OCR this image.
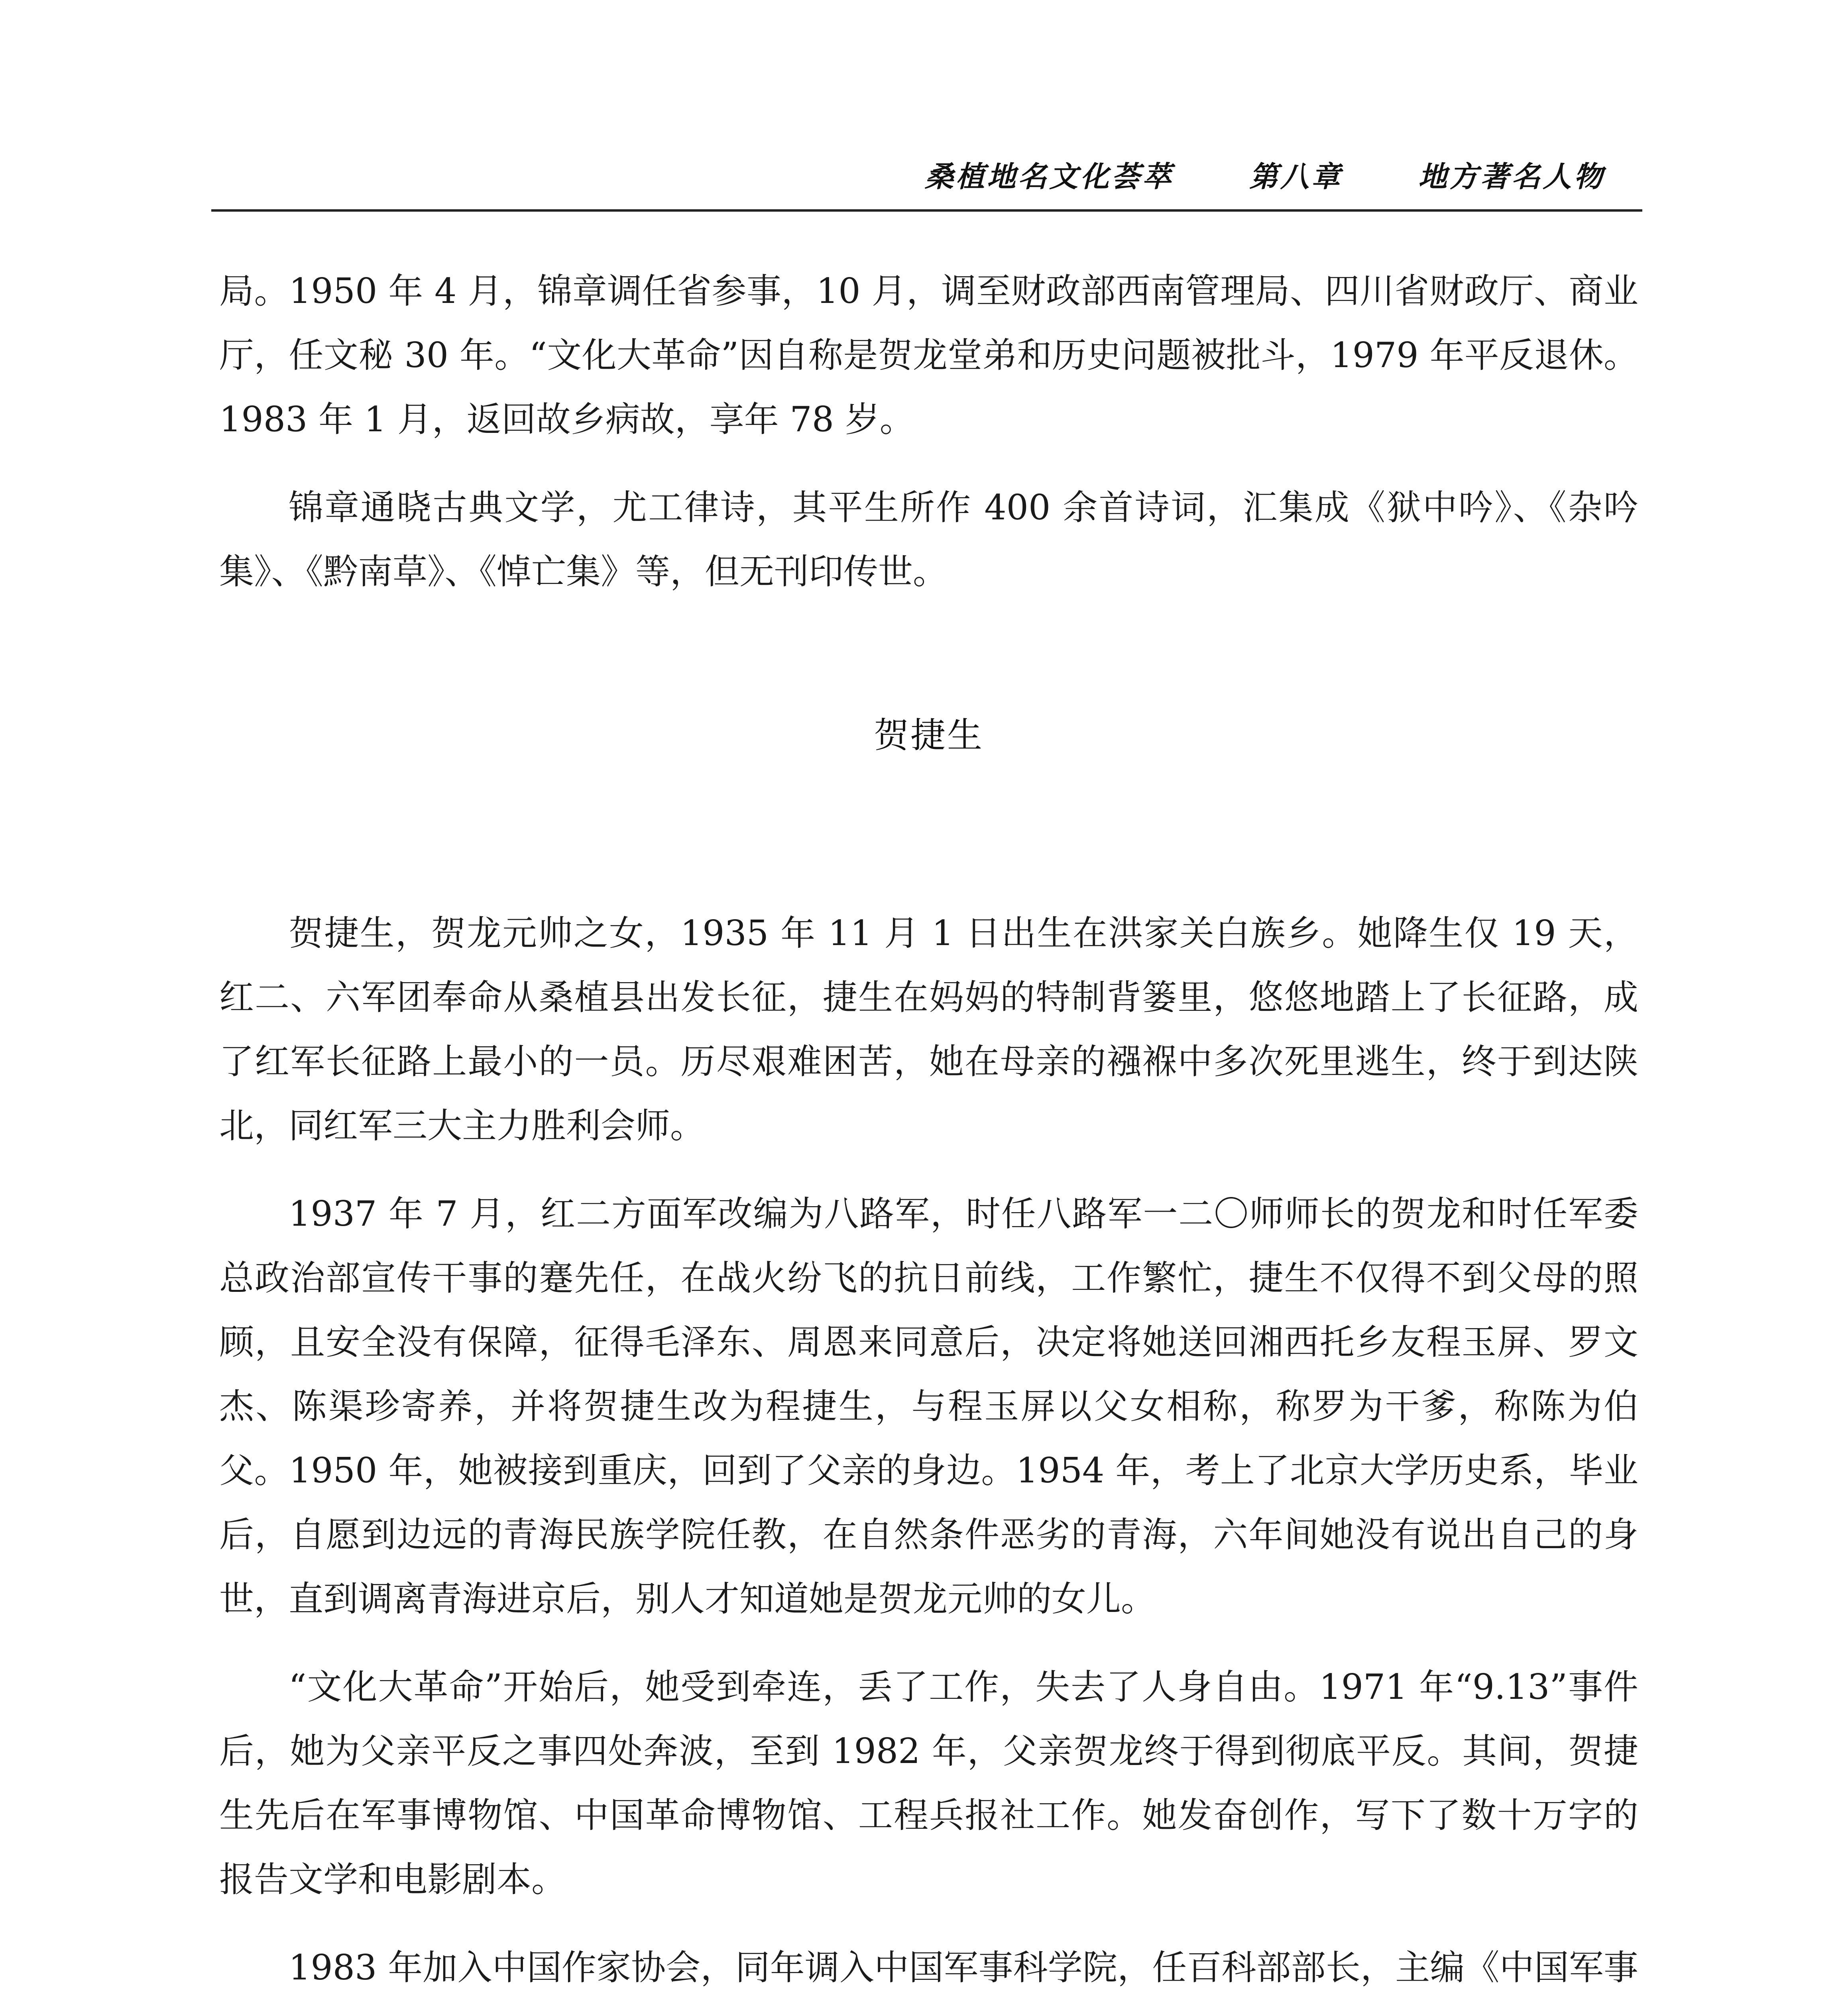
桑植地名文化荟萃	第八章	地方著名人物

局。1950 年 4 月，锦章调任省参事，10 月，调至财政部西南管理局、四川省财政厅、商业厅，任文秘 30 年。“文化大革命”因自称是贺龙堂弟和历史问题被批斗，1979 年平反退休。1983 年 1 月，返回故乡病故，享年 78 岁。

锦章通晓古典文学，尤工律诗，其平生所作 400 余首诗词，汇集成《狱中吟》、《杂吟集》、《黔南草》、《悼亡集》等，但无刊印传世。

贺捷生

贺捷生，贺龙元帅之女，1935 年 11 月 1 日出生在洪家关白族乡。她降生仅 19 天，红二、六军团奉命从桑植县出发长征，捷生在妈妈的特制背篓里，悠悠地踏上了长征路，成了红军长征路上最小的一员。历尽艰难困苦，她在母亲的襁褓中多次死里逃生，终于到达陕北，同红军三大主力胜利会师。

1937 年 7 月，红二方面军改编为八路军，时任八路军一二〇师师长的贺龙和时任军委总政治部宣传干事的蹇先任，在战火纷飞的抗日前线，工作繁忙，捷生不仅得不到父母的照顾，且安全没有保障，征得毛泽东、周恩来同意后，决定将她送回湘西托乡友程玉屏、罗文杰、陈渠珍寄养，并将贺捷生改为程捷生，与程玉屏以父女相称，称罗为干爹，称陈为伯父。1950 年，她被接到重庆，回到了父亲的身边。1954 年，考上了北京大学历史系，毕业后，自愿到边远的青海民族学院任教，在自然条件恶劣的青海，六年间她没有说出自己的身世，直到调离青海进京后，别人才知道她是贺龙元帅的女儿。

“文化大革命”开始后，她受到牵连，丢了工作，失去了人身自由。1971 年“9.13”事件后，她为父亲平反之事四处奔波，至到 1982 年，父亲贺龙终于得到彻底平反。其间，贺捷生先后在军事博物馆、中国革命博物馆、工程兵报社工作。她发奋创作，写下了数十万字的报告文学和电影剧本。

1983 年加入中国作家协会，同年调入中国军事科学院，任百科部部长，主编《中国军事
